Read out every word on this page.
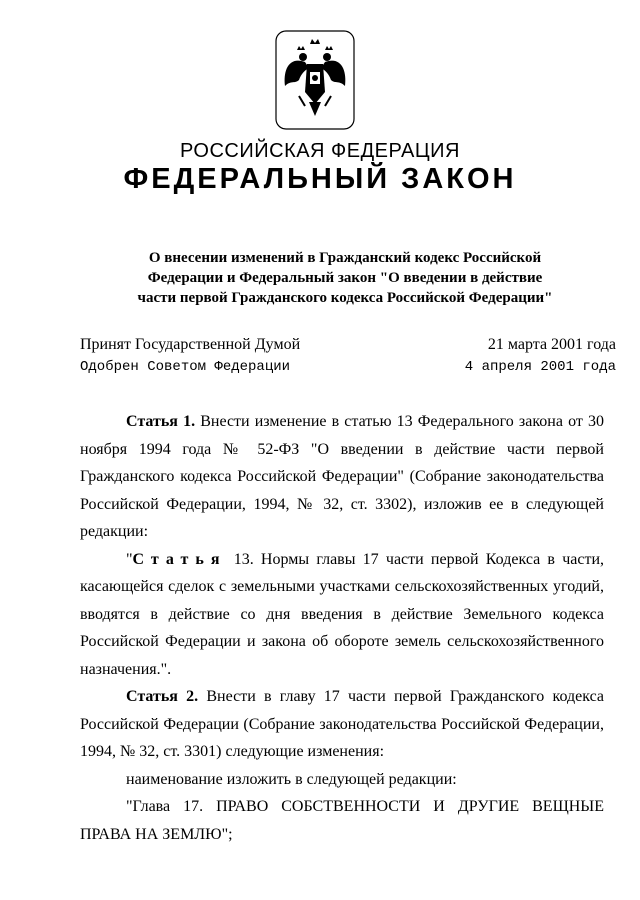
РОССИЙСКАЯ ФЕДЕРАЦИЯ
ФЕДЕРАЛЬНЫЙ ЗАКОН
О внесении изменений в Гражданский кодекс Российской
Федерации и Федеральный закон "О введении в действие
части первой Гражданского кодекса Российской Федерации"
Принят Государственной Думой
Одобрен Советом Федерации
21 марта 2001 года
4 апреля 2001 года

Статья 1. Внести изменение в статью 13 Федерального закона от 30 ноября 1994 года № 52-ФЗ "О введении в действие части первой Гражданского кодекса Российской Федерации" (Собрание законодательства Российской Федерации, 1994, № 32, ст. 3302), изложив ее в следующей редакции:

"Статья 13. Нормы главы 17 части первой Кодекса в части, касающейся сделок с земельными участками сельскохозяйственных угодий, вводятся в действие со дня введения в действие Земельного кодекса Российской Федерации и закона об обороте земель сельскохозяйственного назначения.".

Статья 2. Внести в главу 17 части первой Гражданского кодекса Российской Федерации (Собрание законодательства Российской Федерации, 1994, № 32, ст. 3301) следующие изменения:

наименование изложить в следующей редакции:

"Глава 17. ПРАВО СОБСТВЕННОСТИ И ДРУГИЕ ВЕЩНЫЕ ПРАВА НА ЗЕМЛЮ";
